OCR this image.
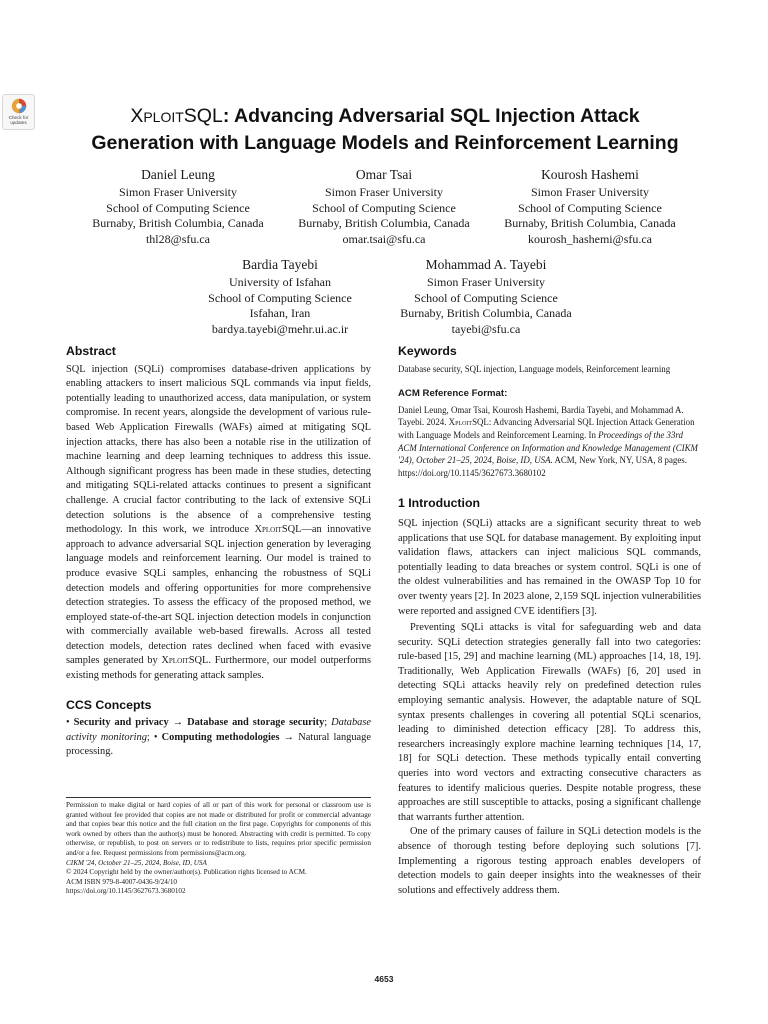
Check for
updates	XploitSQL: Advancing Adversarial SQL Injection Attack
Generation with Language Models and Reinforcement Learning
Daniel Leung
Simon Fraser University
School of Computing Science
Burnaby, British Columbia, Canada
thl28@sfu.ca
Omar Tsai
Simon Fraser University
School of Computing Science
Burnaby, British Columbia, Canada
omar.tsai@sfu.ca
Kourosh Hashemi
Simon Fraser University
School of Computing Science
Burnaby, British Columbia, Canada
kourosh_hashemi@sfu.ca
Bardia Tayebi
University of Isfahan
School of Computing Science
Isfahan, Iran
bardya.tayebi@mehr.ui.ac.ir
Mohammad A. Tayebi
Simon Fraser University
School of Computing Science
Burnaby, British Columbia, Canada
tayebi@sfu.ca
Abstract

SQL injection (SQLi) compromises database-driven applications by enabling attackers to insert malicious SQL commands via input fields, potentially leading to unauthorized access, data manipulation, or system compromise. In recent years, alongside the development of various rule-based Web Application Firewalls (WAFs) aimed at mitigating SQL injection attacks, there has also been a notable rise in the utilization of machine learning and deep learning techniques to address this issue. Although significant progress has been made in these studies, detecting and mitigating SQLi-related attacks continues to present a significant challenge. A crucial factor contributing to the lack of extensive SQLi detection solutions is the absence of a comprehensive testing methodology. In this work, we introduce XploitSQL—an innovative approach to advance adversarial SQL injection generation by leveraging language models and reinforcement learning. Our model is trained to produce evasive SQLi samples, enhancing the robustness of SQLi detection models and offering opportunities for more comprehensive detection strategies. To assess the efficacy of the proposed method, we employed state-of-the-art SQL injection detection models in conjunction with commercially available web-based firewalls. Across all tested detection models, detection rates declined when faced with evasive samples generated by XploitSQL. Furthermore, our model outperforms existing methods for generating attack samples.

CCS Concepts

• Security and privacy → Database and storage security; Database activity monitoring; • Computing methodologies → Natural language processing.

Permission to make digital or hard copies of all or part of this work for personal or classroom use is granted without fee provided that copies are not made or distributed for profit or commercial advantage and that copies bear this notice and the full citation on the first page. Copyrights for components of this work owned by others than the author(s) must be honored. Abstracting with credit is permitted. To copy otherwise, or republish, to post on servers or to redistribute to lists, requires prior specific permission and/or a fee. Request permissions from permissions@acm.org.

CIKM '24, October 21–25, 2024, Boise, ID, USA

© 2024 Copyright held by the owner/author(s). Publication rights licensed to ACM.

ACM ISBN 979-8-4007-0436-9/24/10

https://doi.org/10.1145/3627673.3680102

Keywords

Database security, SQL injection, Language models, Reinforcement learning

ACM Reference Format:

Daniel Leung, Omar Tsai, Kourosh Hashemi, Bardia Tayebi, and Mohammad A. Tayebi. 2024. XploitSQL: Advancing Adversarial SQL Injection Attack Generation with Language Models and Reinforcement Learning. In Proceedings of the 33rd ACM International Conference on Information and Knowledge Management (CIKM '24), October 21–25, 2024, Boise, ID, USA. ACM, New York, NY, USA, 8 pages. https://doi.org/10.1145/3627673.3680102

1 Introduction

SQL injection (SQLi) attacks are a significant security threat to web applications that use SQL for database management. By exploiting input validation flaws, attackers can inject malicious SQL commands, potentially leading to data breaches or system control. SQLi is one of the oldest vulnerabilities and has remained in the OWASP Top 10 for over twenty years [2]. In 2023 alone, 2,159 SQL injection vulnerabilities were reported and assigned CVE identifiers [3].

Preventing SQLi attacks is vital for safeguarding web and data security. SQLi detection strategies generally fall into two categories: rule-based [15, 29] and machine learning (ML) approaches [14, 18, 19]. Traditionally, Web Application Firewalls (WAFs) [6, 20] used in detecting SQLi attacks heavily rely on predefined detection rules employing semantic analysis. However, the adaptable nature of SQL syntax presents challenges in covering all potential SQLi scenarios, leading to diminished detection efficacy [28]. To address this, researchers increasingly explore machine learning techniques [14, 17, 18] for SQLi detection. These methods typically entail converting queries into word vectors and extracting consecutive characters as features to identify malicious queries. Despite notable progress, these approaches are still susceptible to attacks, posing a significant challenge that warrants further attention.

One of the primary causes of failure in SQLi detection models is the absence of thorough testing before deploying such solutions [7]. Implementing a rigorous testing approach enables developers of detection models to gain deeper insights into the weaknesses of their solutions and effectively address them.

4653
